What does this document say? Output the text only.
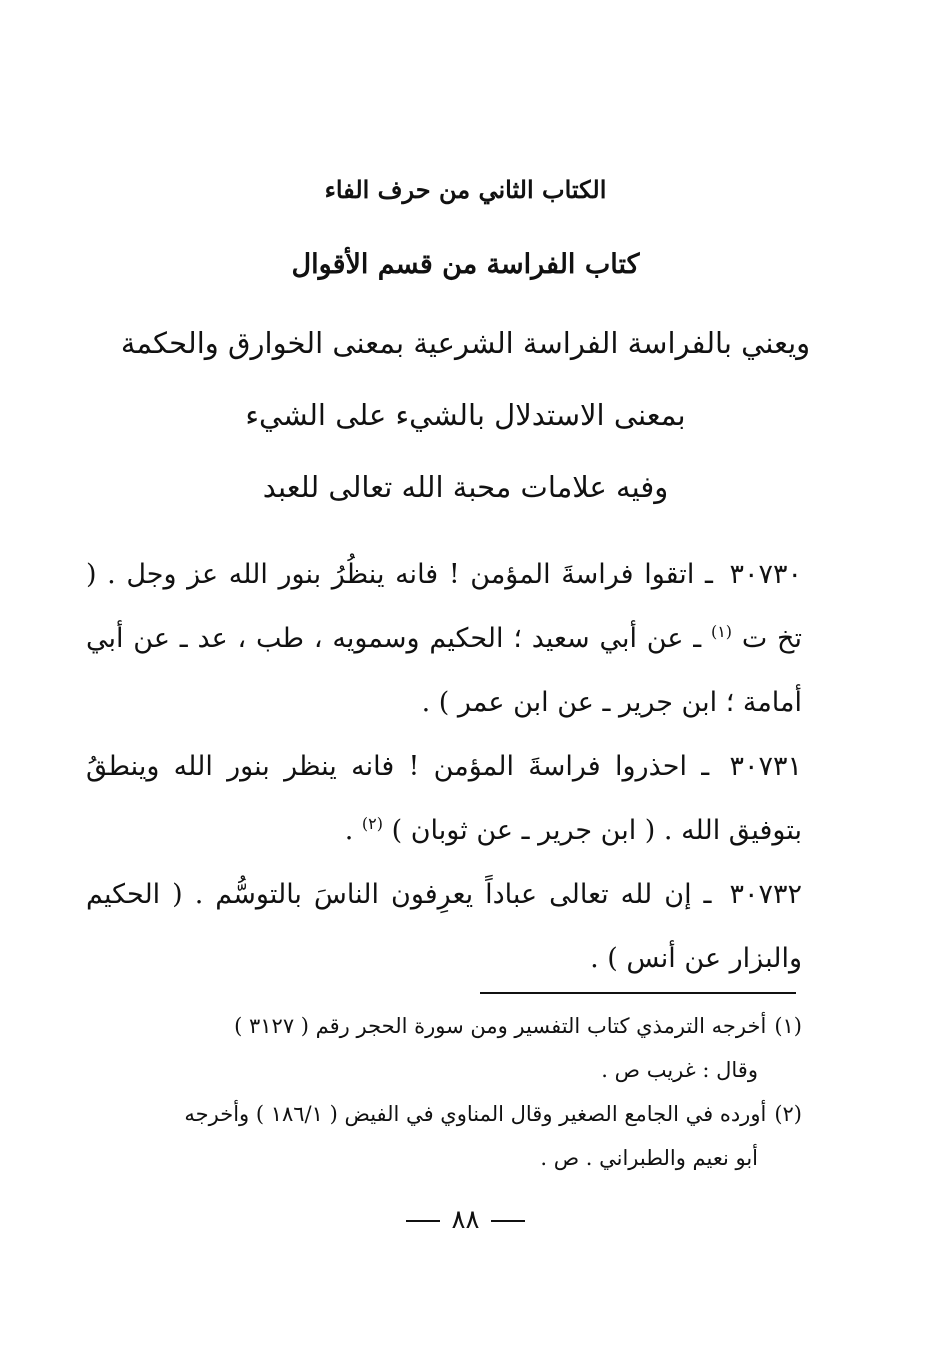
الكتاب الثاني من حرف الفاء
كتاب الفراسة من قسم الأقوال
ويعني بالفراسة الفراسة الشرعية بمعنى الخوارق والحكمة
بمعنى الاستدلال بالشيء على الشيء
وفيه علامات محبة الله تعالى للعبد

٣٠٧٣٠ ـ اتقوا فراسةَ المؤمن ! فانه ينظُرُ بنور الله عز وجل . ( تخ ت $^{(١)}$ ـ عن أبي سعيد ؛ الحكيم وسمويه ، طب ، عد ـ عن أبي أمامة ؛ ابن جرير ـ عن ابن عمر ) .

٣٠٧٣١ ـ احذروا فراسةَ المؤمن ! فانه ينظر بنور الله وينطقُ بتوفيق الله . ( ابن جرير ـ عن ثوبان ) $^{(٢)}$ .

٣٠٧٣٢ ـ إن لله تعالى عباداً يعرِفون الناسَ بالتوسُّم . ( الحكيم والبزار عن أنس ) .

(١)أخرجه الترمذي كتاب التفسير ومن سورة الحجر رقم ( ٣١٢٧ )
وقال : غريب ص .
(٢)أورده في الجامع الصغير وقال المناوي في الفيض ( ١٨٦/١ ) وأخرجه
أبو نعيم والطبراني . ص .
٨٨
